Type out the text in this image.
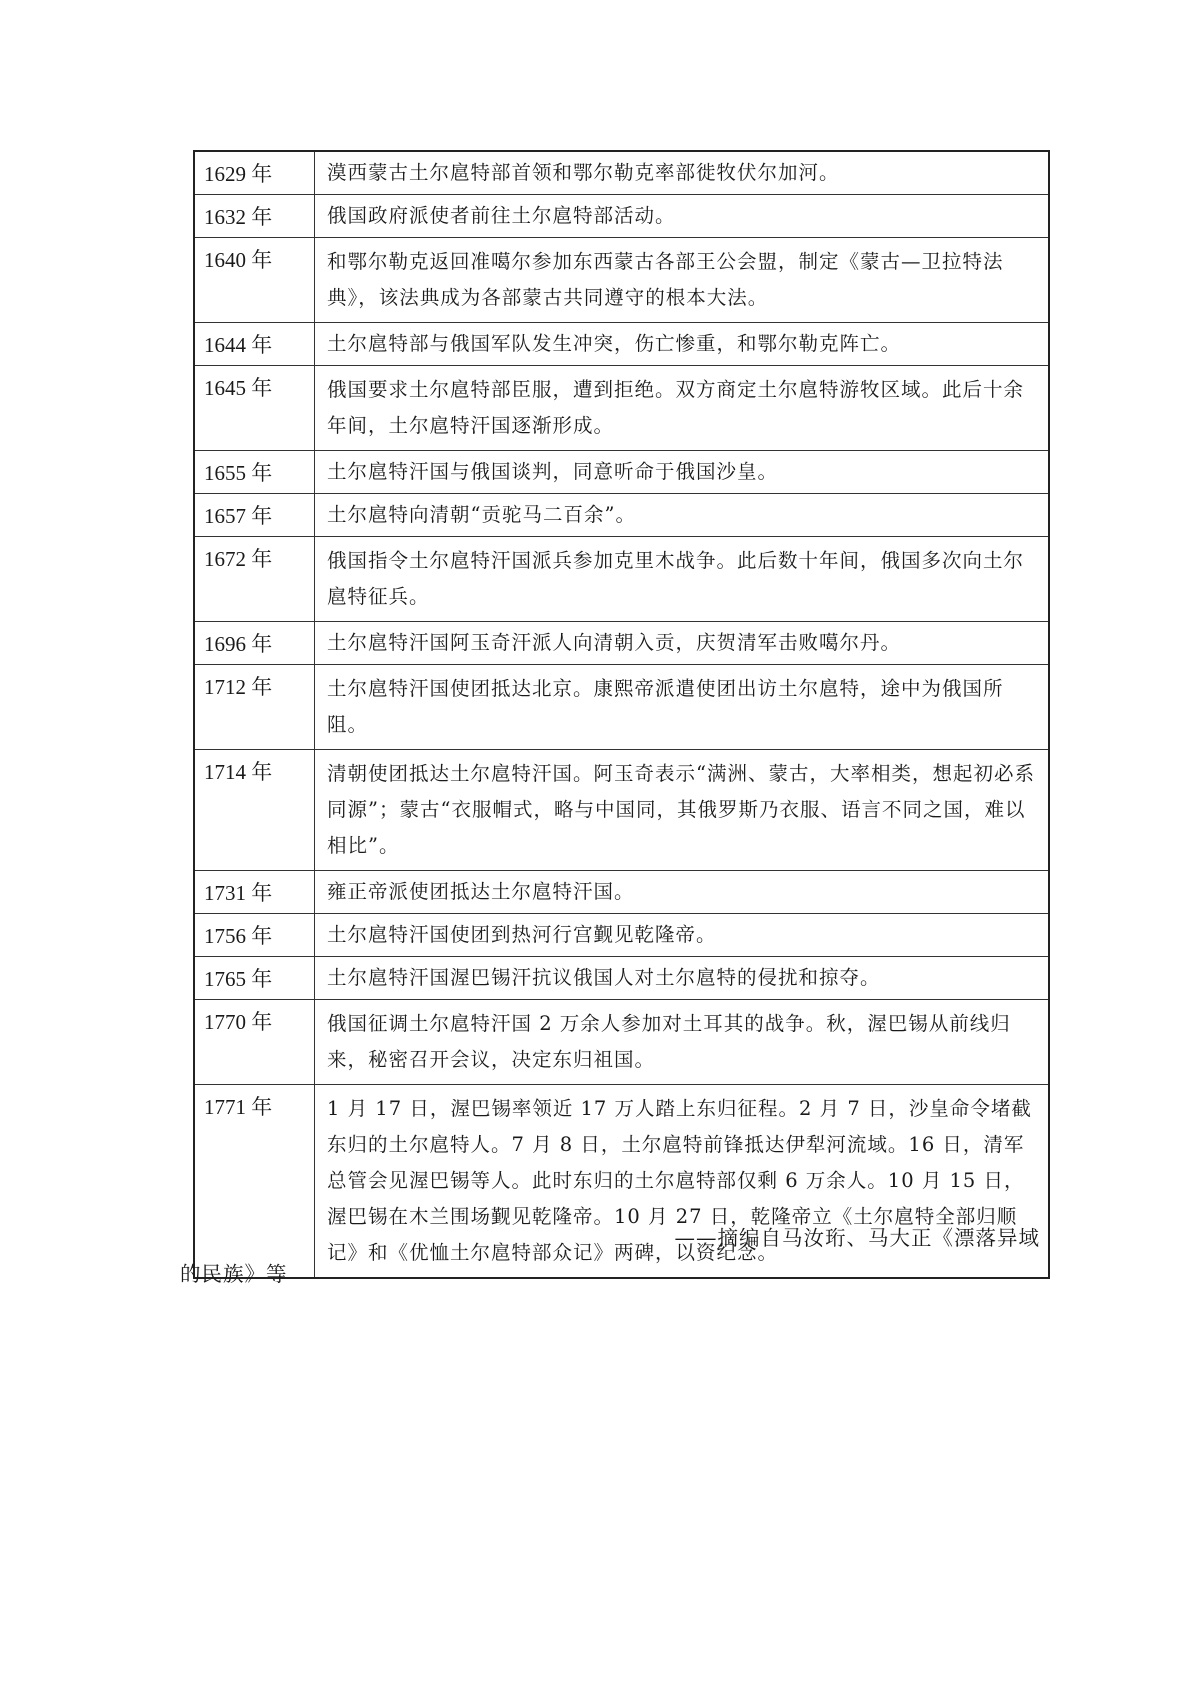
1629 年	漠西蒙古土尔扈特部首领和鄂尔勒克率部徙牧伏尔加河。
1632 年	俄国政府派使者前往土尔扈特部活动。
1640 年	和鄂尔勒克返回准噶尔参加东西蒙古各部王公会盟，制定《蒙古—卫拉特法典》，该法典成为各部蒙古共同遵守的根本大法。
1644 年	土尔扈特部与俄国军队发生冲突，伤亡惨重，和鄂尔勒克阵亡。
1645 年	俄国要求土尔扈特部臣服，遭到拒绝。双方商定土尔扈特游牧区域。此后十余年间，土尔扈特汗国逐渐形成。
1655 年	土尔扈特汗国与俄国谈判，同意听命于俄国沙皇。
1657 年	土尔扈特向清朝“贡驼马二百余”。
1672 年	俄国指令土尔扈特汗国派兵参加克里木战争。此后数十年间，俄国多次向土尔扈特征兵。
1696 年	土尔扈特汗国阿玉奇汗派人向清朝入贡，庆贺清军击败噶尔丹。
1712 年	土尔扈特汗国使团抵达北京。康熙帝派遣使团出访土尔扈特，途中为俄国所阻。
1714 年	清朝使团抵达土尔扈特汗国。阿玉奇表示“满洲、蒙古，大率相类，想起初必系同源”；蒙古“衣服帽式，略与中国同，其俄罗斯乃衣服、语言不同之国，难以相比”。
1731 年	雍正帝派使团抵达土尔扈特汗国。
1756 年	土尔扈特汗国使团到热河行宫觐见乾隆帝。
1765 年	土尔扈特汗国渥巴锡汗抗议俄国人对土尔扈特的侵扰和掠夺。
1770 年	俄国征调土尔扈特汗国 2 万余人参加对土耳其的战争。秋，渥巴锡从前线归来，秘密召开会议，决定东归祖国。
1771 年	1 月 17 日，渥巴锡率领近 17 万人踏上东归征程。2 月 7 日，沙皇命令堵截东归的土尔扈特人。7 月 8 日，土尔扈特前锋抵达伊犁河流域。16 日，清军总管会见渥巴锡等人。此时东归的土尔扈特部仅剩 6 万余人。10 月 15 日，渥巴锡在木兰围场觐见乾隆帝。10 月 27 日，乾隆帝立《土尔扈特全部归顺记》和《优恤土尔扈特部众记》两碑，以资纪念。
——摘编自马汝珩、马大正《漂落异域
的民族》等
